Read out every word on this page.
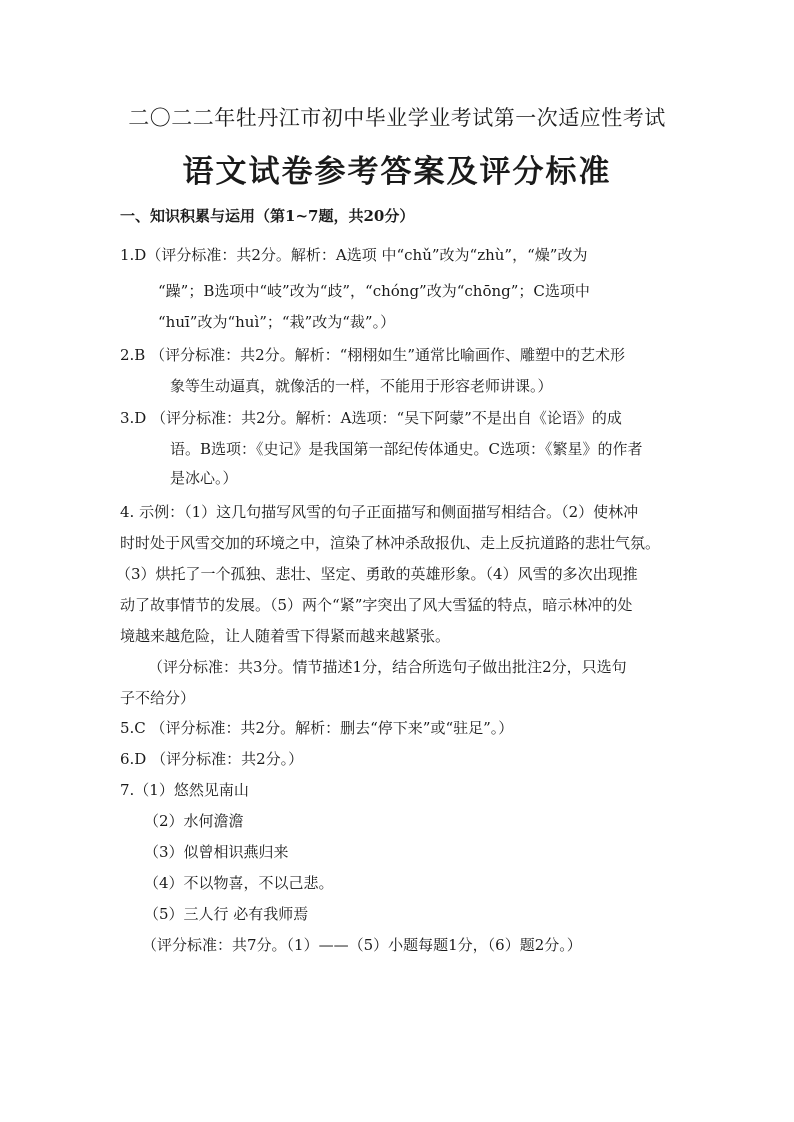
二〇二二年牡丹江市初中毕业学业考试第一次适应性考试
语文试卷参考答案及评分标准
一、知识积累与运用（第1~7题，共20分）
1.D（评分标准：共2分。解析：A选项 中“chǔ”改为“zhù”，“燥”改为
“躁”；B选项中“岐”改为“歧”，“chóng”改为“chōng”；C选项中
“huī”改为“huì”；“栽”改为“裁”。）
2.B （评分标准：共2分。解析：“栩栩如生”通常比喻画作、雕塑中的艺术形
象等生动逼真，就像活的一样，不能用于形容老师讲课。）
3.D （评分标准：共2分。解析：A选项：“吴下阿蒙”不是出自《论语》的成
语。B选项：《史记》是我国第一部纪传体通史。C选项：《繁星》的作者
是冰心。）
4. 示例：（1）这几句描写风雪的句子正面描写和侧面描写相结合。（2）使林冲
时时处于风雪交加的环境之中，渲染了林冲杀敌报仇、走上反抗道路的悲壮气氛。
（3）烘托了一个孤独、悲壮、坚定、勇敢的英雄形象。（4）风雪的多次出现推
动了故事情节的发展。（5）两个“紧”字突出了风大雪猛的特点，暗示林冲的处
境越来越危险，让人随着雪下得紧而越来越紧张。
（评分标准：共3分。情节描述1分，结合所选句子做出批注2分，只选句
子不给分）
5.C （评分标准：共2分。解析：删去“停下来”或“驻足”。）
6.D （评分标准：共2分。）
7.（1）悠然见南山
（2）水何澹澹
（3）似曾相识燕归来
（4）不以物喜，不以己悲。
（5）三人行 必有我师焉
（评分标准：共7分。（1）——（5）小题每题1分，（6）题2分。）
